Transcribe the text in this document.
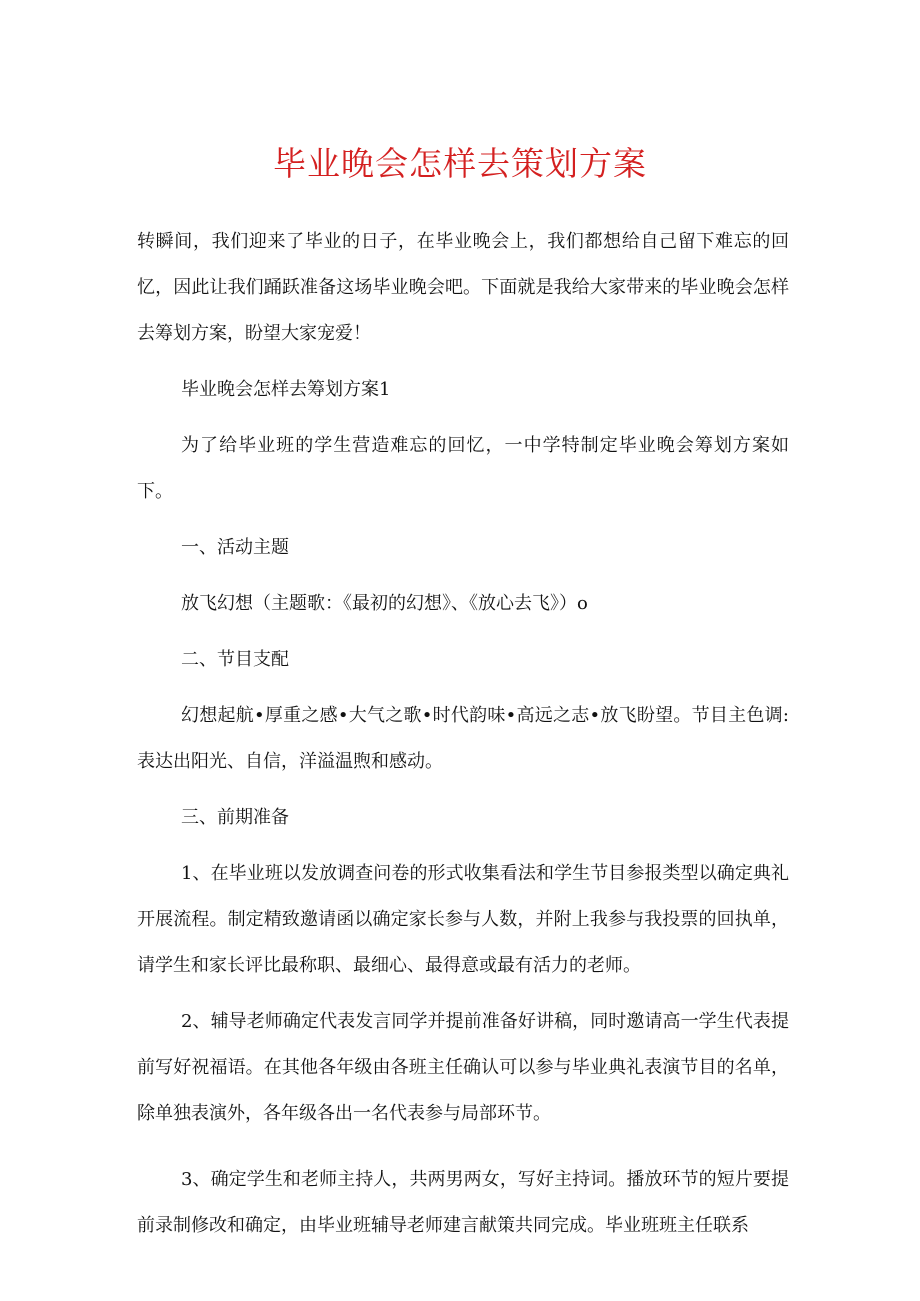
毕业晚会怎样去策划方案

转瞬间，我们迎来了毕业的日子，在毕业晚会上，我们都想给自己留下难忘的回忆，因此让我们踊跃准备这场毕业晚会吧。下面就是我给大家带来的毕业晚会怎样去筹划方案，盼望大家宠爱！

毕业晚会怎样去筹划方案1

为了给毕业班的学生营造难忘的回忆，一中学特制定毕业晚会筹划方案如下。

一、活动主题

放飞幻想（主题歌：《最初的幻想》、《放心去飞》）o

二、节目支配

幻想起航•厚重之感•大气之歌•时代韵味•高远之志•放飞盼望。节目主色调:表达出阳光、自信，洋溢温煦和感动。

三、前期准备

1、在毕业班以发放调查问卷的形式收集看法和学生节目参报类型以确定典礼开展流程。制定精致邀请函以确定家长参与人数，并附上我参与我投票的回执单，请学生和家长评比最称职、最细心、最得意或最有活力的老师。

2、辅导老师确定代表发言同学并提前准备好讲稿，同时邀请高一学生代表提前写好祝福语。在其他各年级由各班主任确认可以参与毕业典礼表演节目的名单，除单独表演外，各年级各出一名代表参与局部环节。

3、确定学生和老师主持人，共两男两女，写好主持词。播放环节的短片要提前录制修改和确定，由毕业班辅导老师建言献策共同完成。毕业班班主任联系
